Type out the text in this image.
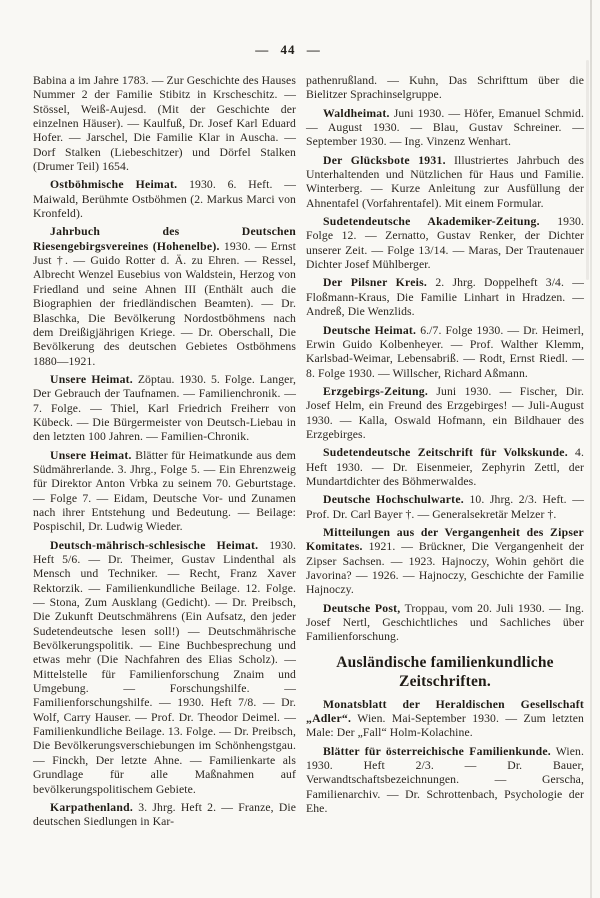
— 44 —

Babina a im Jahre 1783. — Zur Geschichte des Hauses Nummer 2 der Familie Stibitz in Krscheschitz. — Stössel, Weiß-Aujesd. (Mit der Geschichte der einzelnen Häuser). — Kaulfuß, Dr. Josef Karl Eduard Hofer. — Jarschel, Die Familie Klar in Auscha. — Dorf Stalken (Liebeschitzer) und Dörfel Stalken (Drumer Teil) 1654.

Ostböhmische Heimat. 1930. 6. Heft. — Maiwald, Berühmte Ostböhmen (2. Markus Marci von Kronfeld).

Jahrbuch des Deutschen Riesengebirgsvereines (Hohenelbe). 1930. — Ernst Just †. — Guido Rotter d. Ä. zu Ehren. — Ressel, Albrecht Wenzel Eusebius von Waldstein, Herzog von Friedland und seine Ahnen III (Enthält auch die Biographien der friedländischen Beamten). — Dr. Blaschka, Die Bevölkerung Nordostböhmens nach dem Dreißigjährigen Kriege. — Dr. Oberschall, Die Bevölkerung des deutschen Gebietes Ostböhmens 1880—1921.

Unsere Heimat. Zöptau. 1930. 5. Folge. Langer, Der Gebrauch der Taufnamen. — Familienchronik. — 7. Folge. — Thiel, Karl Friedrich Freiherr von Kübeck. — Die Bürgermeister von Deutsch-Liebau in den letzten 100 Jahren. — Familien-Chronik.

Unsere Heimat. Blätter für Heimatkunde aus dem Südmährerlande. 3. Jhrg., Folge 5. — Ein Ehrenzweig für Direktor Anton Vrbka zu seinem 70. Geburtstage. — Folge 7. — Eidam, Deutsche Vor- und Zunamen nach ihrer Entstehung und Bedeutung. — Beilage: Pospischil, Dr. Ludwig Wieder.

Deutsch-mährisch-schlesische Heimat. 1930. Heft 5/6. — Dr. Theimer, Gustav Lindenthal als Mensch und Techniker. — Recht, Franz Xaver Rektorzik. — Familienkundliche Beilage. 12. Folge. — Stona, Zum Ausklang (Gedicht). — Dr. Preibsch, Die Zukunft Deutschmährens (Ein Aufsatz, den jeder Sudetendeutsche lesen soll!) — Deutschmährische Bevölkerungspolitik. — Eine Buchbesprechung und etwas mehr (Die Nachfahren des Elias Scholz). — Mittelstelle für Familienforschung Znaim und Umgebung. — Forschungshilfe. — Familienforschungshilfe. — 1930. Heft 7/8. — Dr. Wolf, Carry Hauser. — Prof. Dr. Theodor Deimel. — Familienkundliche Beilage. 13. Folge. — Dr. Preibsch, Die Bevölkerungsverschiebungen im Schönhengstgau. — Finckh, Der letzte Ahne. — Familienkarte als Grundlage für alle Maßnahmen auf bevölkerungspolitischem Gebiete.

Karpathenland. 3. Jhrg. Heft 2. — Franze, Die deutschen Siedlungen in Kar-

pathenrußland. — Kuhn, Das Schrifttum über die Bielitzer Sprachinselgruppe.

Waldheimat. Juni 1930. — Höfer, Emanuel Schmid. — August 1930. — Blau, Gustav Schreiner. — September 1930. — Ing. Vinzenz Wenhart.

Der Glücksbote 1931. Illustriertes Jahrbuch des Unterhaltenden und Nützlichen für Haus und Familie. Winterberg. — Kurze Anleitung zur Ausfüllung der Ahnentafel (Vorfahrentafel). Mit einem Formular.

Sudetendeutsche Akademiker-Zeitung. 1930. Folge 12. — Zernatto, Gustav Renker, der Dichter unserer Zeit. — Folge 13/14. — Maras, Der Trautenauer Dichter Josef Mühlberger.

Der Pilsner Kreis. 2. Jhrg. Doppelheft 3/4. — Floßmann-Kraus, Die Familie Linhart in Hradzen. — Andreß, Die Wenzlids.

Deutsche Heimat. 6./7. Folge 1930. — Dr. Heimerl, Erwin Guido Kolbenheyer. — Prof. Walther Klemm, Karlsbad-Weimar, Lebensabriß. — Rodt, Ernst Riedl. — 8. Folge 1930. — Willscher, Richard Aßmann.

Erzgebirgs-Zeitung. Juni 1930. — Fischer, Dir. Josef Helm, ein Freund des Erzgebirges! — Juli-August 1930. — Kalla, Oswald Hofmann, ein Bildhauer des Erzgebirges.

Sudetendeutsche Zeitschrift für Volkskunde. 4. Heft 1930. — Dr. Eisenmeier, Zephyrin Zettl, der Mundartdichter des Böhmerwaldes.

Deutsche Hochschulwarte. 10. Jhrg. 2/3. Heft. — Prof. Dr. Carl Bayer †. — Generalsekretär Melzer †.

Mitteilungen aus der Vergangenheit des Zipser Komitates. 1921. — Brückner, Die Vergangenheit der Zipser Sachsen. — 1923. Hajnoczy, Wohin gehört die Javorina? — 1926. — Hajnoczy, Geschichte der Familie Hajnoczy.

Deutsche Post, Troppau, vom 20. Juli 1930. — Ing. Josef Nertl, Geschichtliches und Sachliches über Familienforschung.

Ausländische familienkundliche Zeitschriften.

Monatsblatt der Heraldischen Gesellschaft „Adler“. Wien. Mai-September 1930. — Zum letzten Male: Der „Fall“ Holm-Kolachine.

Blätter für österreichische Familienkunde. Wien. 1930. Heft 2/3. — Dr. Bauer, Verwandtschaftsbezeichnungen. — Gerscha, Familienarchiv. — Dr. Schrottenbach, Psychologie der Ehe.
